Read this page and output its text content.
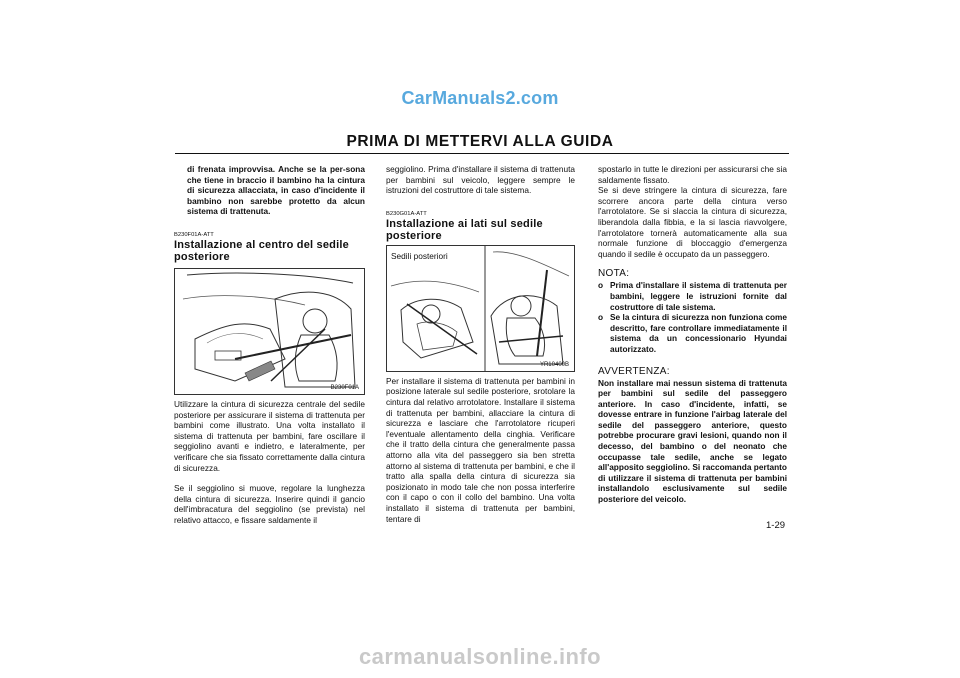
CarManuals2.com
PRIMA DI METTERVI ALLA GUIDA

di frenata improvvisa. Anche se la per-sona che tiene in braccio il bambino ha la cintura di sicurezza allacciata, in caso d'incidente il bambino non sarebbe protetto da alcun sistema di trattenuta.

B230F01A-ATT

Installazione al centro del sedile posteriore
B230F01A

Utilizzare la cintura di sicurezza centrale del sedile posteriore per assicurare il sistema di trattenuta per bambini come illustrato. Una volta installato il sistema di trattenuta per bambini, fare oscillare il seggiolino avanti e indietro, e lateralmente, per verificare che sia fissato correttamente dalla cintura di sicurezza.

Se il seggiolino si muove, regolare la lunghezza della cintura di sicurezza. Inserire quindi il gancio dell'imbracatura del seggiolino (se prevista) nel relativo attacco, e fissare saldamente il

seggiolino. Prima d'installare il sistema di trattenuta per bambini sul veicolo, leggere sempre le istruzioni del costruttore di tale sistema.

B230G01A-ATT

Installazione ai lati sul sedile posteriore
Sedili posteriori
YR10400B

Per installare il sistema di trattenuta per bambini in posizione laterale sul sedile posteriore, srotolare la cintura dal relativo arrotolatore. Installare il sistema di trattenuta per bambini, allacciare la cintura di sicurezza e lasciare che l'arrotolatore ricuperi l'eventuale allentamento della cinghia. Verificare che il tratto della cintura che generalmente passa attorno alla vita del passeggero sia ben stretta attorno al sistema di trattenuta per bambini, e che il tratto alla spalla della cintura di sicurezza sia posizionato in modo tale che non possa interferire con il capo o con il collo del bambino. Una volta installato il sistema di trattenuta per bambini, tentare di

spostarlo in tutte le direzioni per assicurarsi che sia saldamente fissato.

Se si deve stringere la cintura di sicurezza, fare scorrere ancora parte della cintura verso l'arrotolatore. Se si slaccia la cintura di sicurezza, liberandola dalla fibbia, e la si lascia riavvolgere, l'arrotolatore tornerà automaticamente alla sua normale funzione di bloccaggio d'emergenza quando il sedile è occupato da un passeggero.

NOTA:
o Prima d'installare il sistema di trattenuta per bambini, leggere le istruzioni fornite dal costruttore di tale sistema.
o Se la cintura di sicurezza non funziona come descritto, fare controllare immediatamente il sistema da un concessionario Hyundai autorizzato.
AVVERTENZA:

Non installare mai nessun sistema di trattenuta per bambini sul sedile del passeggero anteriore. In caso d'incidente, infatti, se dovesse entrare in funzione l'airbag laterale del sedile del passeggero anteriore, questo potrebbe procurare gravi lesioni, quando non il decesso, del bambino o del neonato che occupasse tale sedile, anche se legato all'apposito seggiolino. Si raccomanda pertanto di utilizzare il sistema di trattenuta per bambini installandolo esclusivamente sul sedile posteriore del veicolo.

1-29
carmanualsonline.info
